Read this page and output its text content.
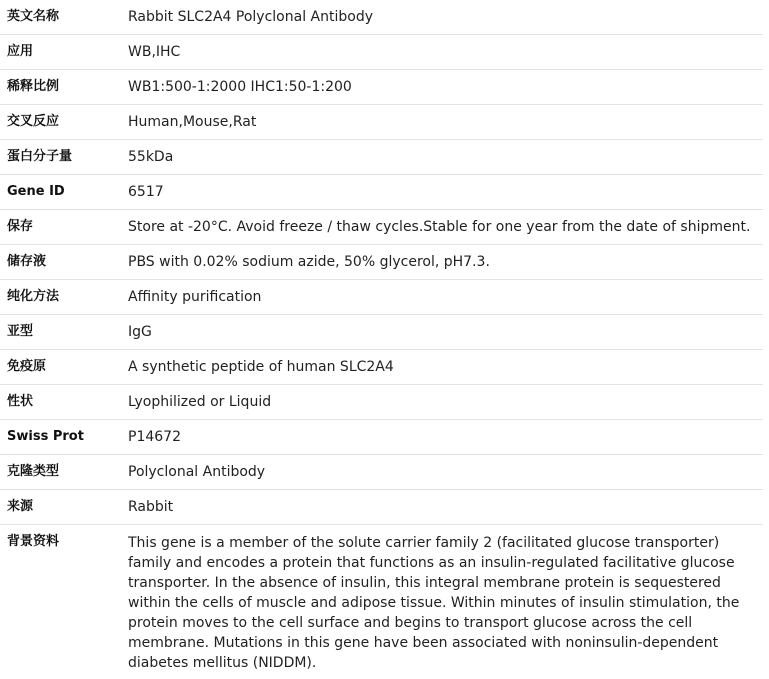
英文名称	Rabbit SLC2A4 Polyclonal Antibody
应用	WB,IHC
稀释比例	WB1:500-1:2000 IHC1:50-1:200
交叉反应	Human,Mouse,Rat
蛋白分子量	55kDa
Gene ID	6517
保存	Store at -20°C. Avoid freeze / thaw cycles.Stable for one year from the date of shipment.
储存液	PBS with 0.02% sodium azide, 50% glycerol, pH7.3.
纯化方法	Affinity purification
亚型	IgG
免疫原	A synthetic peptide of human SLC2A4
性状	Lyophilized or Liquid
Swiss Prot	P14672
克隆类型	Polyclonal Antibody
来源	Rabbit
背景资料	This gene is a member of the solute carrier family 2 (facilitated glucose transporter) family and encodes a protein that functions as an insulin-regulated facilitative glucose transporter. In the absence of insulin, this integral membrane protein is sequestered within the cells of muscle and adipose tissue. Within minutes of insulin stimulation, the protein moves to the cell surface and begins to transport glucose across the cell membrane. Mutations in this gene have been associated with noninsulin-dependent diabetes mellitus (NIDDM).
